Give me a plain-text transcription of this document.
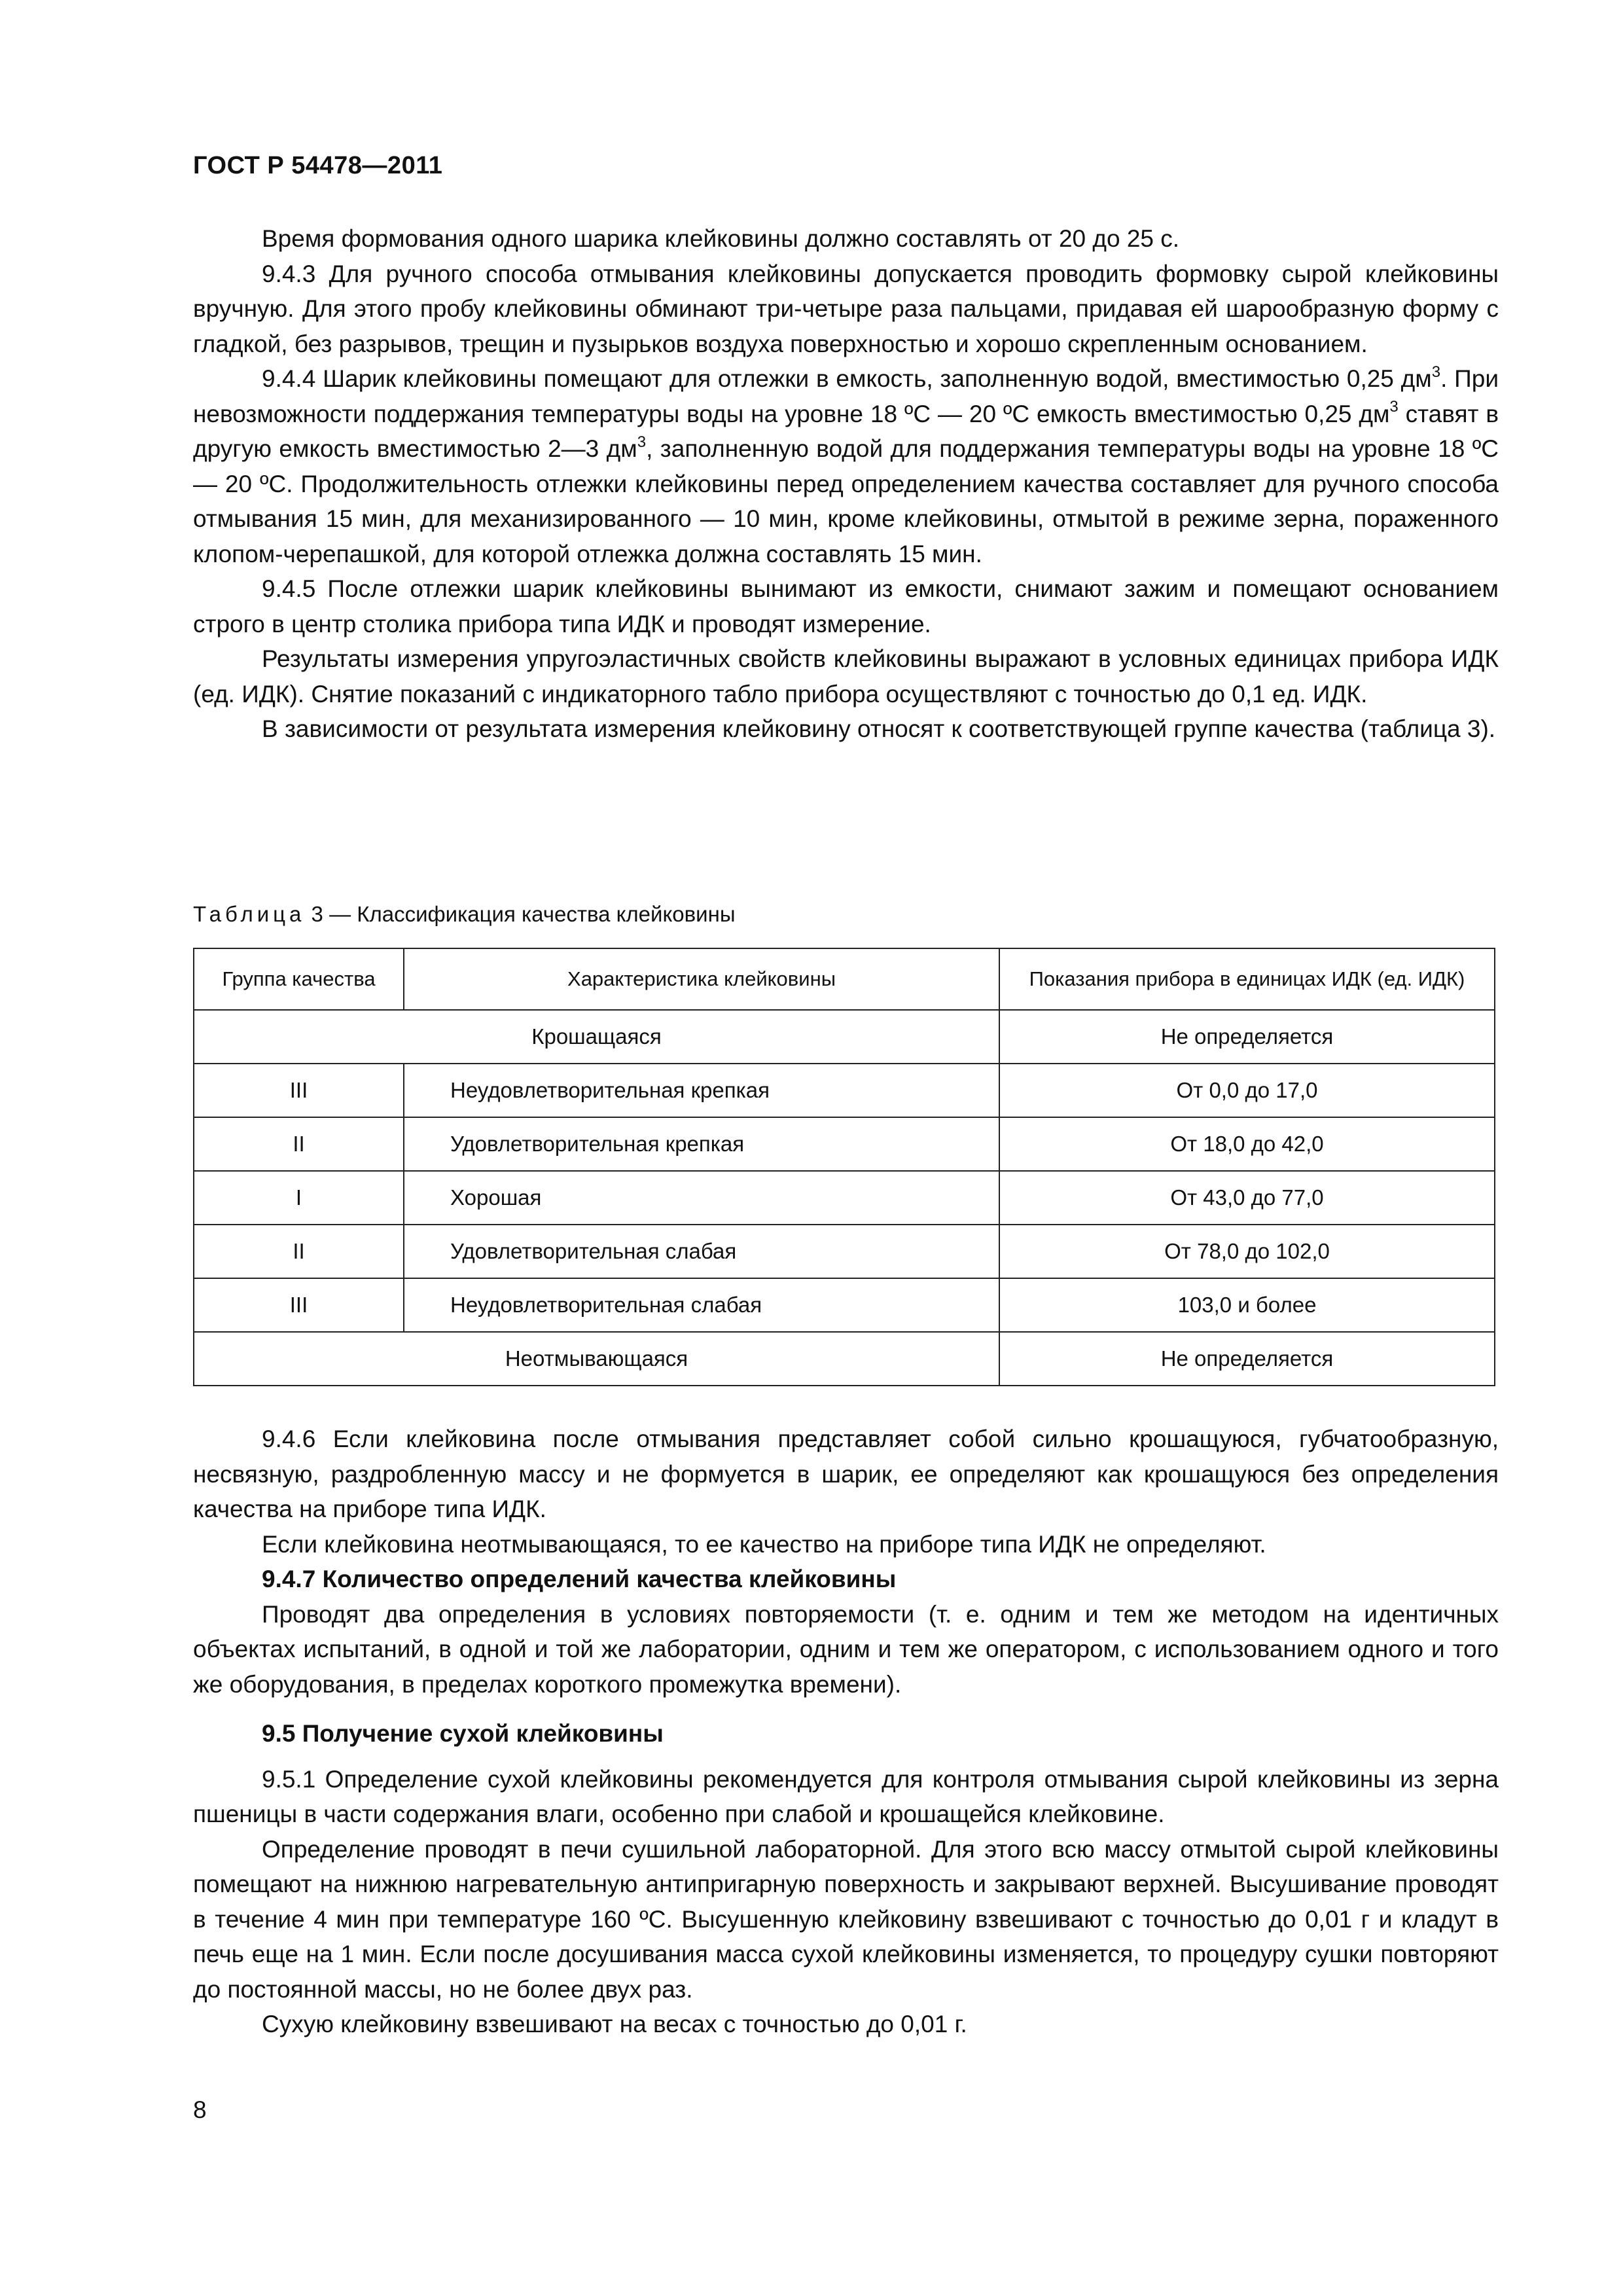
ГОСТ Р 54478—2011

Время формования одного шарика клейковины должно составлять от 20 до 25 с.

9.4.3 Для ручного способа отмывания клейковины допускается проводить формовку сырой клейковины вручную. Для этого пробу клейковины обминают три-четыре раза пальцами, придавая ей шарообразную форму с гладкой, без разрывов, трещин и пузырьков воздуха поверхностью и хорошо скрепленным основанием.

9.4.4 Шарик клейковины помещают для отлежки в емкость, заполненную водой, вместимостью 0,25 $дм^3$. При невозможности поддержания температуры воды на уровне 18 ºС — 20 ºС емкость вместимостью 0,25 $дм^3$ ставят в другую емкость вместимостью 2—3 $дм^3$, заполненную водой для поддержания температуры воды на уровне 18 ºС — 20 ºС. Продолжительность отлежки клейковины перед определением качества составляет для ручного способа отмывания 15 мин, для механизированного — 10 мин, кроме клейковины, отмытой в режиме зерна, пораженного клопом-черепашкой, для которой отлежка должна составлять 15 мин.

9.4.5 После отлежки шарик клейковины вынимают из емкости, снимают зажим и помещают основанием строго в центр столика прибора типа ИДК и проводят измерение.

Результаты измерения упругоэластичных свойств клейковины выражают в условных единицах прибора ИДК (ед. ИДК). Снятие показаний с индикаторного табло прибора осуществляют с точностью до 0,1 ед. ИДК.

В зависимости от результата измерения клейковину относят к соответствующей группе качества (таблица 3).

Таблица 3 — Классификация качества клейковины
Группа качества	Характеристика клейковины	Показания прибора в единицах ИДК (ед. ИДК)
Крошащаяся		Не определяется
III	Неудовлетворительная крепкая	От 0,0 до 17,0
II	Удовлетворительная крепкая	От 18,0 до 42,0
I	Хорошая	От 43,0 до 77,0
II	Удовлетворительная слабая	От 78,0 до 102,0
III	Неудовлетворительная слабая	103,0 и более
Неотмывающаяся		Не определяется

9.4.6 Если клейковина после отмывания представляет собой сильно крошащуюся, губчатообразную, несвязную, раздробленную массу и не формуется в шарик, ее определяют как крошащуюся без определения качества на приборе типа ИДК.

Если клейковина неотмывающаяся, то ее качество на приборе типа ИДК не определяют.

9.4.7 Количество определений качества клейковины

Проводят два определения в условиях повторяемости (т. е. одним и тем же методом на идентичных объектах испытаний, в одной и той же лаборатории, одним и тем же оператором, с использованием одного и того же оборудования, в пределах короткого промежутка времени).

9.5 Получение сухой клейковины

9.5.1 Определение сухой клейковины рекомендуется для контроля отмывания сырой клейковины из зерна пшеницы в части содержания влаги, особенно при слабой и крошащейся клейковине.

Определение проводят в печи сушильной лабораторной. Для этого всю массу отмытой сырой клейковины помещают на нижнюю нагревательную антипригарную поверхность и закрывают верхней. Высушивание проводят в течение 4 мин при температуре 160 ºС. Высушенную клейковину взвешивают с точностью до 0,01 г и кладут в печь еще на 1 мин. Если после досушивания масса сухой клейковины изменяется, то процедуру сушки повторяют до постоянной массы, но не более двух раз.

Сухую клейковину взвешивают на весах с точностью до 0,01 г.

8
